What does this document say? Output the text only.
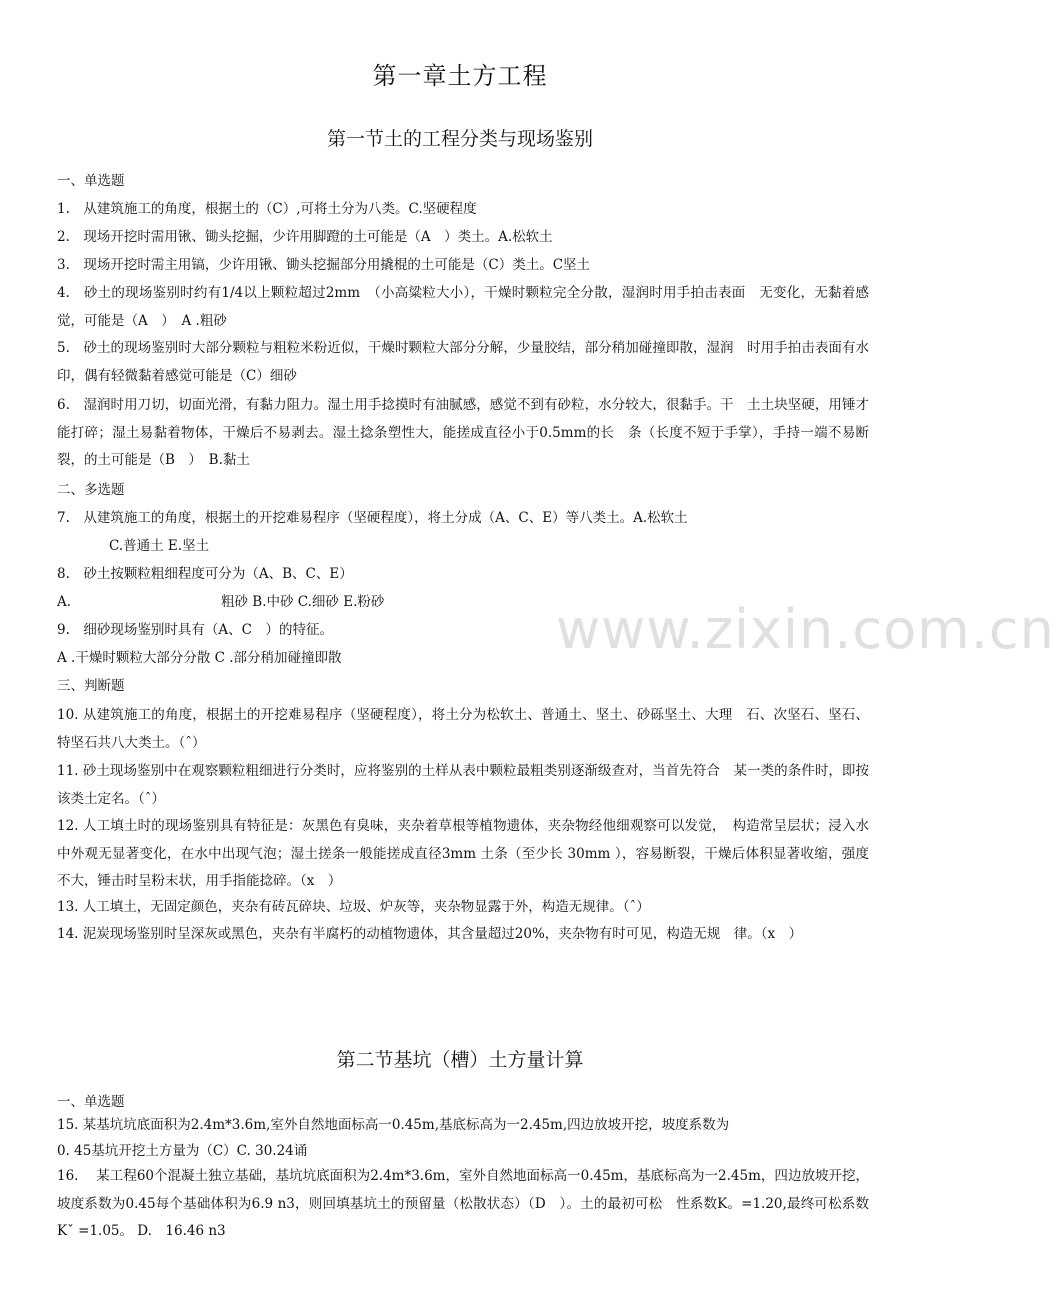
www.zixin.com.cn
第一章土方工程
第一节土的工程分类与现场鉴别
一、单选题
1.　从建筑施工的角度，根据土的（C）,可将土分为八类。C.坚硬程度
2.　现场开挖时需用锹、锄头挖掘，少许用脚蹬的土可能是（A　）类土。A.松软土
3.　现场开挖时需主用镐，少许用锹、锄头挖掘部分用撬棍的土可能是（C）类土。C坚土

4.　砂土的现场鉴别时约有1/4以上颗粒超过2mm　（小高粱粒大小），干燥时颗粒完全分散，湿润时用手拍击表面　无变化，无黏着感觉，可能是（A　）　A .粗砂

5.　砂土的现场鉴别时大部分颗粒与粗粒米粉近似，干燥时颗粒大部分分解，少量胶结，部分稍加碰撞即散，湿润　时用手拍击表面有水印，偶有轻微黏着感觉可能是（C）细砂

6.　湿润时用刀切，切面光滑，有黏力阻力。湿土用手捻摸时有油腻感，感觉不到有砂粒，水分较大，很黏手。干　土土块坚硬，用锤才能打碎；湿土易黏着物体，干燥后不易剥去。湿土捻条塑性大，能搓成直径小于0.5mm的长　条（长度不短于手掌），手持一端不易断裂，的土可能是（B　）　B.黏土

二、多选题
7.　从建筑施工的角度，根据土的开挖难易程序（坚硬程度），将土分成（A、C、E）等八类土。A.松软土
C.普通土 E.坚土
8.　砂土按颗粒粗细程度可分为（A、B、C、E）
A.	粗砂 B.中砂 C.细砂 E.粉砂
9.　细砂现场鉴别时具有（A、C　）的特征。
A .干燥时颗粒大部分分散 C .部分稍加碰撞即散
三、判断题

10. 从建筑施工的角度，根据土的开挖难易程序（坚硬程度），将土分为松软土、普通土、坚土、砂砾坚土、大理　石、次坚石、坚石、特坚石共八大类土。（ˆ）

11. 砂土现场鉴别中在观察颗粒粗细进行分类时，应将鉴别的土样从表中颗粒最粗类别逐渐级查对，当首先符合　某一类的条件时，即按该类土定名。（ˆ）

12. 人工填土时的现场鉴别具有特征是：灰黑色有臭味，夹杂着草根等植物遗体，夹杂物经他细观察可以发觉，　构造常呈层状；浸入水中外观无显著变化，在水中出现气泡；湿土搓条一般能搓成直径3mm 土条（至少长 30mm ），容易断裂，干燥后体积显著收缩，强度不大，锤击时呈粉末状，用手指能捻碎。（x　）

13. 人工填土，无固定颜色，夹杂有砖瓦碎块、垃圾、炉灰等，夹杂物显露于外，构造无规律。（ˆ）

14. 泥炭现场鉴别时呈深灰或黑色，夹杂有半腐朽的动植物遗体，其含量超过20%，夹杂物有时可见，构造无规　律。（x　）

第二节基坑（槽）土方量计算
一、单选题
15. 某基坑坑底面积为2.4m*3.6m,室外自然地面标高一0.45m,基底标高为一2.45m,四边放坡开挖，坡度系数为
0. 45基坑开挖土方量为（C）C. 30.24诵

16.　 某工程60个混凝土独立基础，基坑坑底面积为2.4m*3.6m，室外自然地面标高一0.45m，基底标高为一2.45m，四边放坡开挖，坡度系数为0.45每个基础体积为6.9 n3，则回填基坑土的预留量（松散状态）（D　）。土的最初可松　性系数K。=1.20,最终可松系数Kˇ =1.05。 D.　16.46 n3
